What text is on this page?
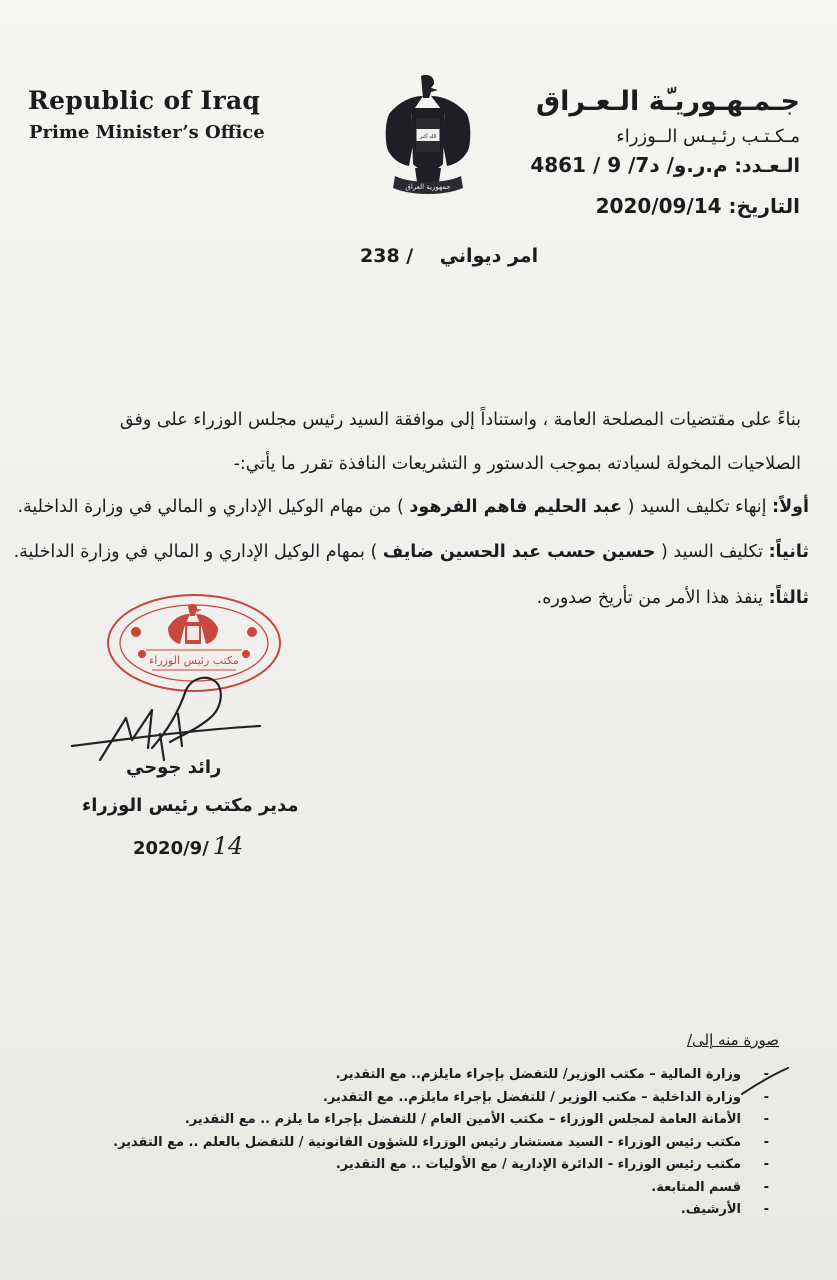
Republic of Iraq
Prime Minister’s Office	الله أكبر
جمهورية العراق
جـمـهـوريـّة الـعـراق
مـكـتـب رئـيـس الــوزراء
الـعـدد: م.ر.و/ د7/ 9 / 4861
التاريخ: 2020/09/14
امر ديواني    / 238
بناءً على مقتضيات المصلحة العامة ، واستناداً إلى موافقة السيد رئيس مجلس الوزراء على وفق
الصلاحيات المخولة لسيادته بموجب الدستور و التشريعات النافذة تقرر ما يأتي:-
أولاً: إنهاء تكليف السيد ( عبد الحليم فاهم الفرهود ) من مهام الوكيل الإداري و المالي في وزارة الداخلية.
ثانياً: تكليف السيد ( حسين حسب عبد الحسين ضايف ) بمهام الوكيل الإداري و المالي في وزارة الداخلية.
ثالثاً: ينفذ هذا الأمر من تأريخ صدوره.
مكتب رئيس الوزراء
رائد جوحي
مدير مكتب رئيس الوزراء
2020/9/ 14
صورة منه إلى/
- وزارة المالية – مكتب الوزير/ للتفضل بإجراء مايلزم.. مع التقدير.
- وزارة الداخلية – مكتب الوزير / للتفضل بإجراء مايلزم.. مع التقدير.
- الأمانة العامة لمجلس الوزراء – مكتب الأمين العام / للتفضل بإجراء ما يلزم .. مع التقدير.
- مكتب رئيس الوزراء - السيد مستشار رئيس الوزراء للشؤون القانونية / للتفضل بالعلم .. مع التقدير.
- مكتب رئيس الوزراء - الدائرة الإدارية / مع الأوليات .. مع التقدير.
- قسم المتابعة.
- الأرشيف.
